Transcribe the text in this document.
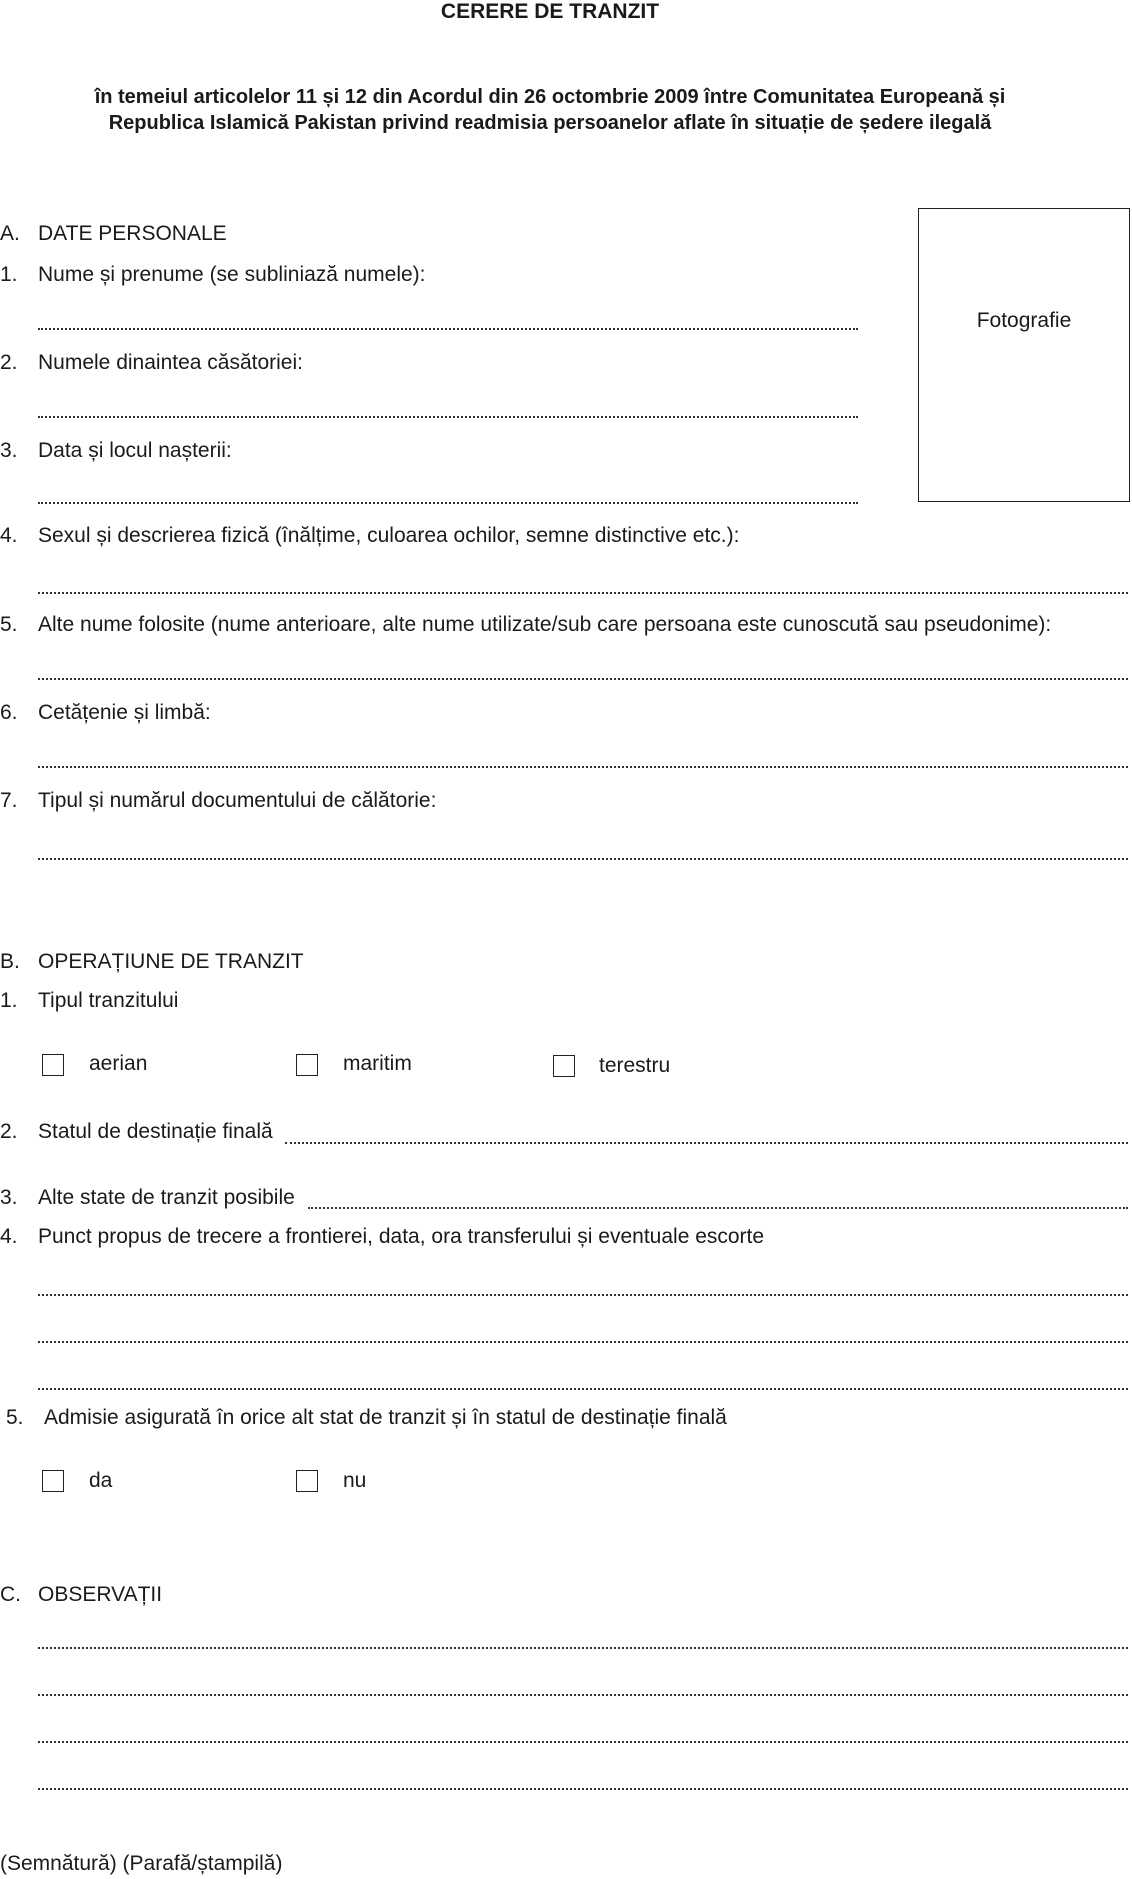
CERERE DE TRANZIT
în temeiul articolelor 11 și 12 din Acordul din 26 octombrie 2009 între Comunitatea Europeană și
Republica Islamică Pakistan privind readmisia persoanelor aflate în situație de ședere ilegală
Fotografie
A. DATE PERSONALE
1. Nume și prenume (se subliniază numele):
2. Numele dinaintea căsătoriei:
3. Data și locul nașterii:
4. Sexul și descrierea fizică (înălțime, culoarea ochilor, semne distinctive etc.):
5. Alte nume folosite (nume anterioare, alte nume utilizate/sub care persoana este cunoscută sau pseudonime):
6. Cetățenie și limbă:
7. Tipul și numărul documentului de călătorie:
B. OPERAȚIUNE DE TRANZIT
1. Tipul tranzitului
aerian	maritim	terestru
2. Statul de destinație finală
3. Alte state de tranzit posibile
4. Punct propus de trecere a frontierei, data, ora transferului și eventuale escorte
5. Admisie asigurată în orice alt stat de tranzit și în statul de destinație finală
da	nu
C. OBSERVAȚII
(Semnătură) (Parafă/ștampilă)
